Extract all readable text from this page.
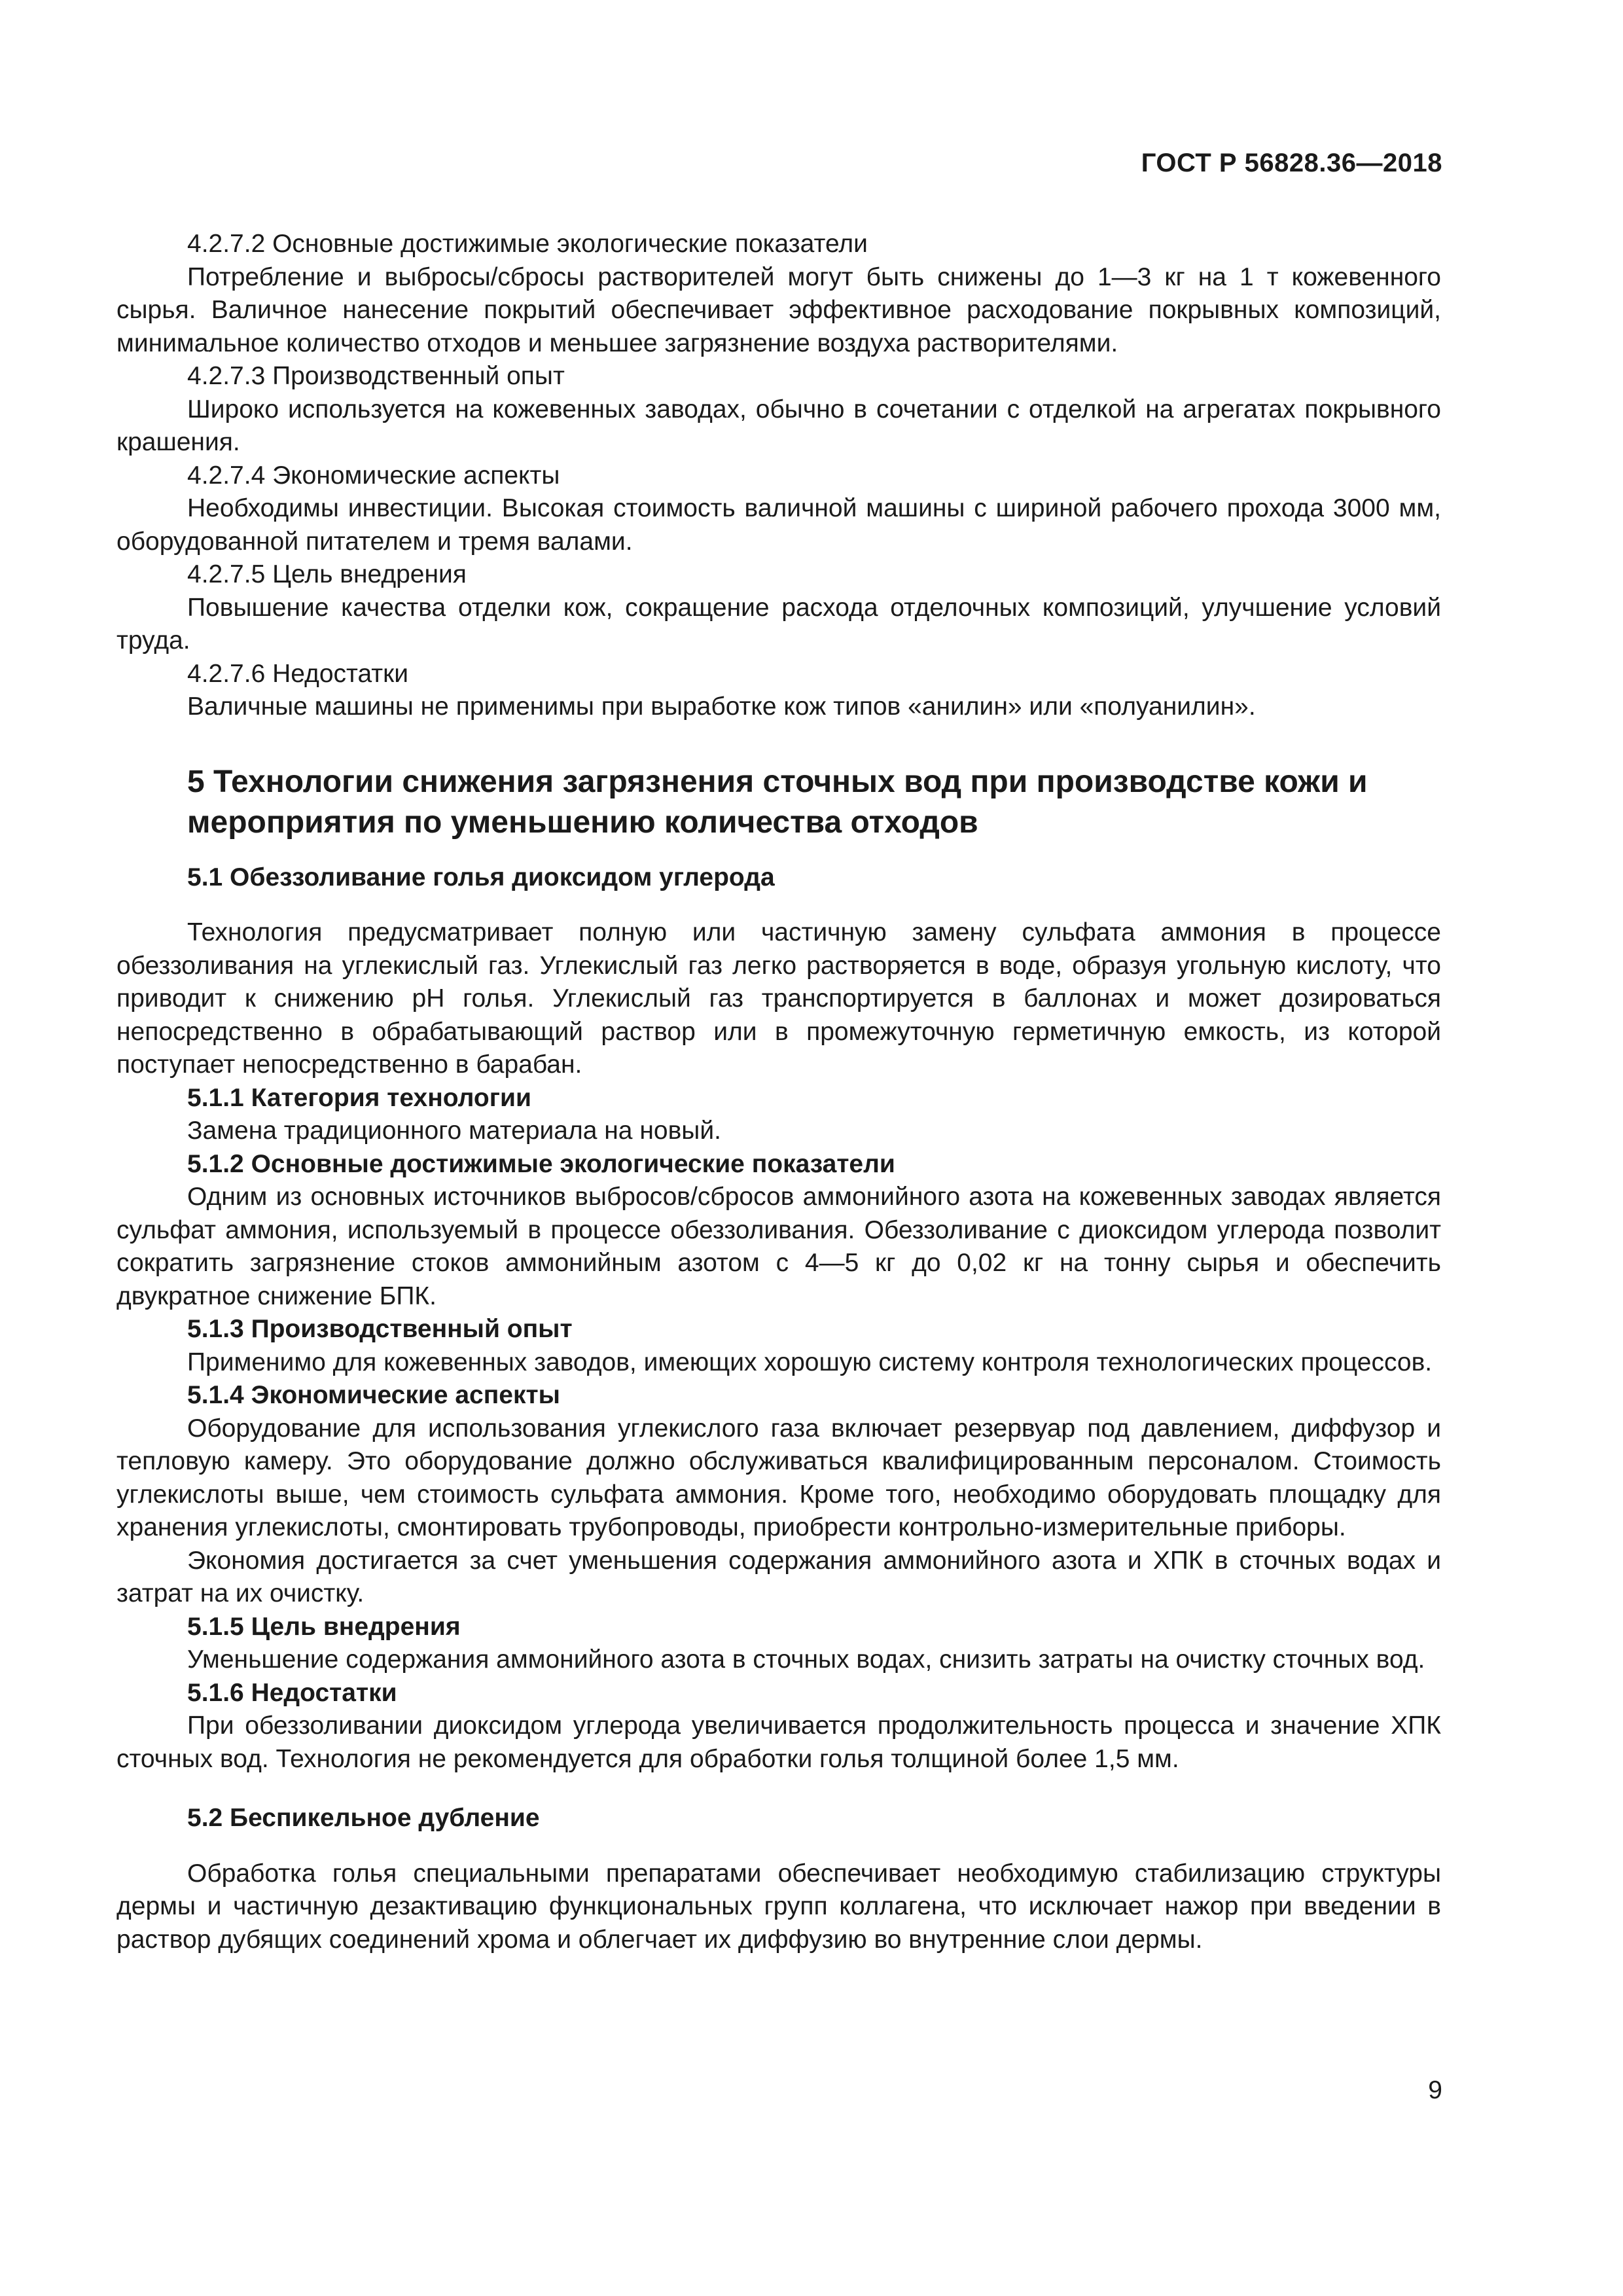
ГОСТ Р 56828.36—2018
4.2.7.2 Основные достижимые экологические показатели

Потребление и выбросы/сбросы растворителей могут быть снижены до 1—3 кг на 1 т кожевенного сырья. Валичное нанесение покрытий обеспечивает эффективное расходование покрывных композиций, минимальное количество отходов и меньшее загрязнение воздуха растворителями.

4.2.7.3 Производственный опыт

Широко используется на кожевенных заводах, обычно в сочетании с отделкой на агрегатах покрывного крашения.

4.2.7.4 Экономические аспекты

Необходимы инвестиции. Высокая стоимость валичной машины с шириной рабочего прохода 3000 мм, оборудованной питателем и тремя валами.

4.2.7.5 Цель внедрения

Повышение качества отделки кож, сокращение расхода отделочных композиций, улучшение условий труда.

4.2.7.6 Недостатки

Валичные машины не применимы при выработке кож типов «анилин» или «полуанилин».

5 Технологии снижения загрязнения сточных вод при производстве кожи и мероприятия по уменьшению количества отходов
5.1 Обеззоливание голья диоксидом углерода

Технология предусматривает полную или частичную замену сульфата аммония в процессе обеззоливания на углекислый газ. Углекислый газ легко растворяется в воде, образуя угольную кислоту, что приводит к снижению рН голья. Углекислый газ транспортируется в баллонах и может дозироваться непосредственно в обрабатывающий раствор или в промежуточную герметичную емкость, из которой поступает непосредственно в барабан.

5.1.1 Категория технологии

Замена традиционного материала на новый.

5.1.2 Основные достижимые экологические показатели

Одним из основных источников выбросов/сбросов аммонийного азота на кожевенных заводах является сульфат аммония, используемый в процессе обеззоливания. Обеззоливание с диоксидом углерода позволит сократить загрязнение стоков аммонийным азотом с 4—5 кг до 0,02 кг на тонну сырья и обеспечить двукратное снижение БПК.

5.1.3 Производственный опыт

Применимо для кожевенных заводов, имеющих хорошую систему контроля технологических процессов.

5.1.4 Экономические аспекты

Оборудование для использования углекислого газа включает резервуар под давлением, диффузор и тепловую камеру. Это оборудование должно обслуживаться квалифицированным персоналом. Стоимость углекислоты выше, чем стоимость сульфата аммония. Кроме того, необходимо оборудовать площадку для хранения углекислоты, смонтировать трубопроводы, приобрести контрольно-измерительные приборы.

Экономия достигается за счет уменьшения содержания аммонийного азота и ХПК в сточных водах и затрат на их очистку.

5.1.5 Цель внедрения

Уменьшение содержания аммонийного азота в сточных водах, снизить затраты на очистку сточных вод.

5.1.6 Недостатки

При обеззоливании диоксидом углерода увеличивается продолжительность процесса и значение ХПК сточных вод. Технология не рекомендуется для обработки голья толщиной более 1,5 мм.

5.2 Беспикельное дубление

Обработка голья специальными препаратами обеспечивает необходимую стабилизацию структуры дермы и частичную дезактивацию функциональных групп коллагена, что исключает нажор при введении в раствор дубящих соединений хрома и облегчает их диффузию во внутренние слои дермы.

9
